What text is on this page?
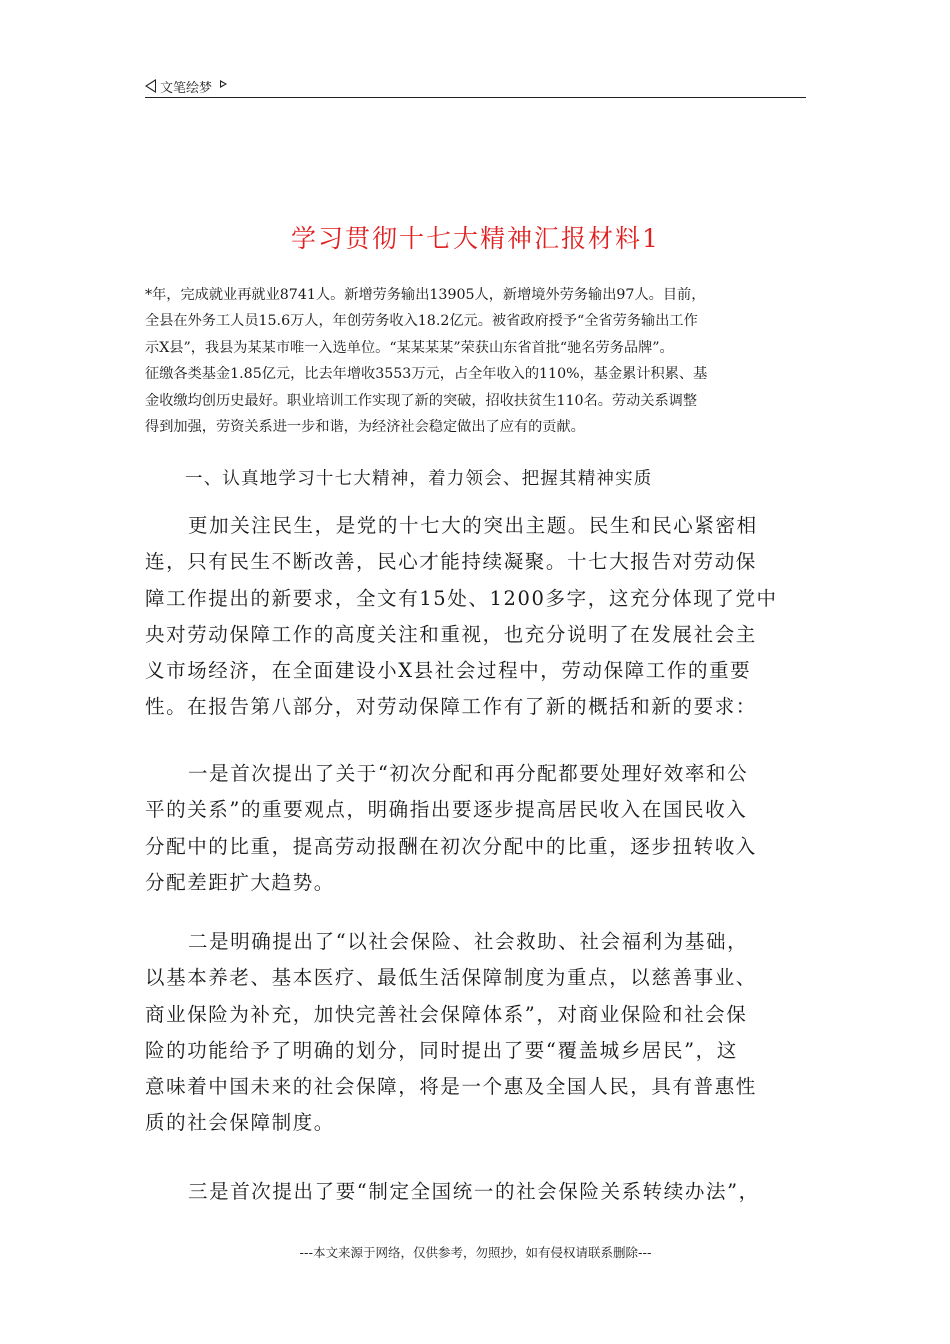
文笔绘梦
学习贯彻十七大精神汇报材料1
*年，完成就业再就业8741人。新增劳务输出13905人，新增境外劳务输出97人。目前，
全县在外务工人员15.6万人，年创劳务收入18.2亿元。被省政府授予“全省劳务输出工作
示X县”，我县为某某市唯一入选单位。“某某某某”荣获山东省首批“驰名劳务品牌”。
征缴各类基金1.85亿元，比去年增收3553万元，占全年收入的110%，基金累计积累、基
金收缴均创历史最好。职业培训工作实现了新的突破，招收扶贫生110名。劳动关系调整
得到加强，劳资关系进一步和谐，为经济社会稳定做出了应有的贡献。
一、认真地学习十七大精神，着力领会、把握其精神实质
更加关注民生，是党的十七大的突出主题。民生和民心紧密相
连，只有民生不断改善，民心才能持续凝聚。十七大报告对劳动保
障工作提出的新要求，全文有15处、1200多字，这充分体现了党中
央对劳动保障工作的高度关注和重视，也充分说明了在发展社会主
义市场经济，在全面建设小X县社会过程中，劳动保障工作的重要
性。在报告第八部分，对劳动保障工作有了新的概括和新的要求：
一是首次提出了关于“初次分配和再分配都要处理好效率和公
平的关系”的重要观点，明确指出要逐步提高居民收入在国民收入
分配中的比重，提高劳动报酬在初次分配中的比重，逐步扭转收入
分配差距扩大趋势。
二是明确提出了“以社会保险、社会救助、社会福利为基础，
以基本养老、基本医疗、最低生活保障制度为重点，以慈善事业、
商业保险为补充，加快完善社会保障体系”，对商业保险和社会保
险的功能给予了明确的划分，同时提出了要“覆盖城乡居民”，这
意味着中国未来的社会保障，将是一个惠及全国人民，具有普惠性
质的社会保障制度。
三是首次提出了要“制定全国统一的社会保险关系转续办法”，
---本文来源于网络，仅供参考，勿照抄，如有侵权请联系删除---
